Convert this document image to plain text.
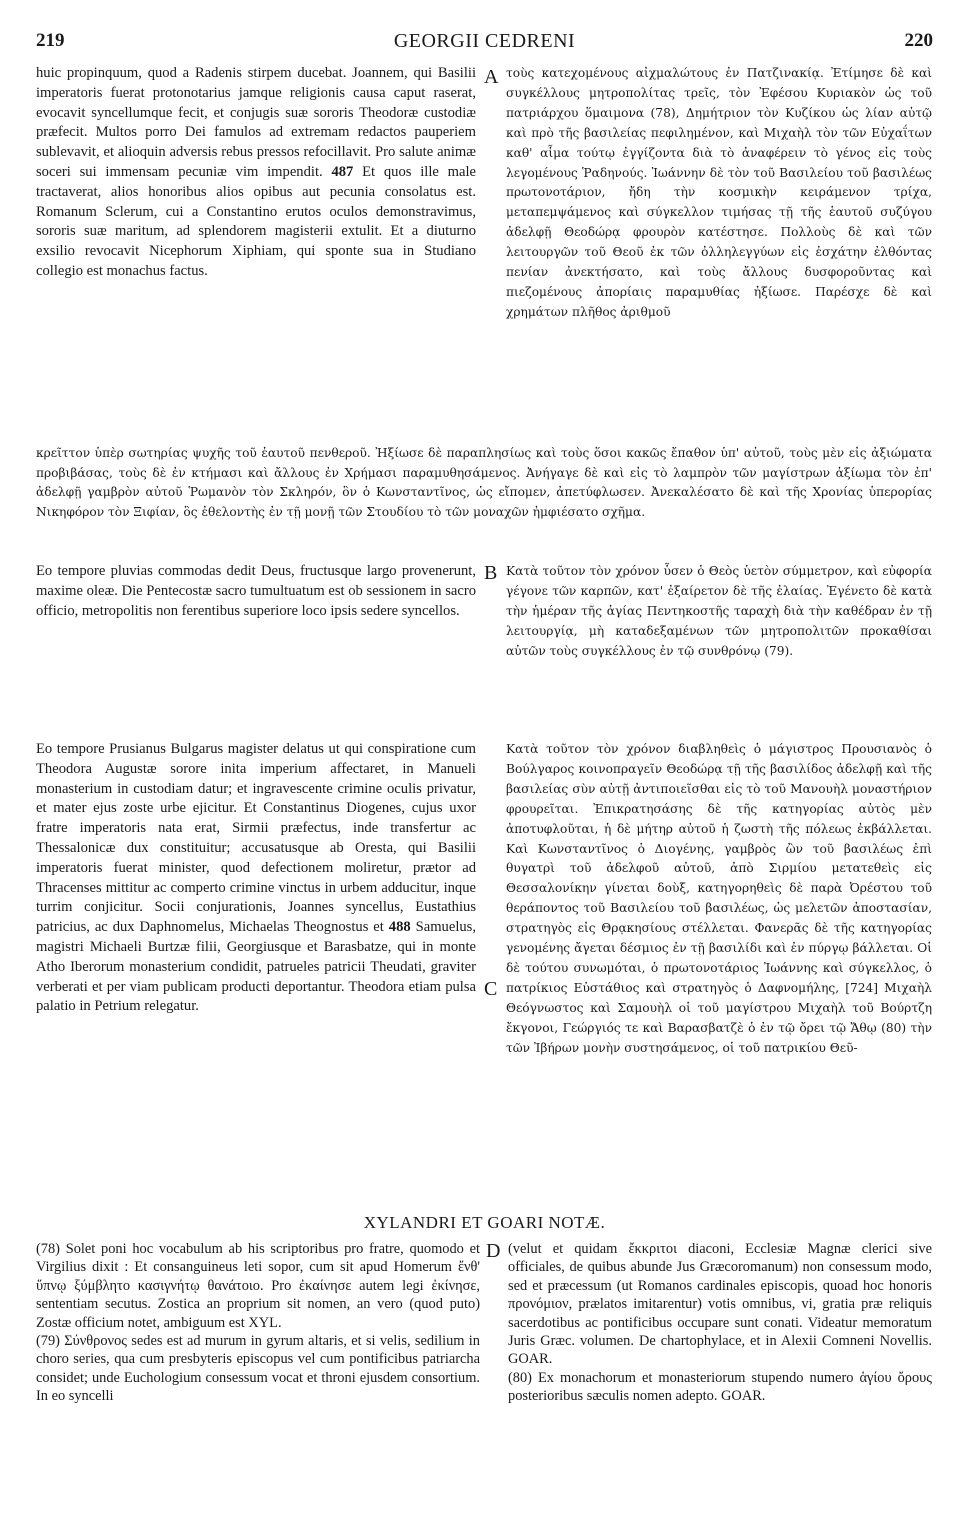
219	GEORGII CEDRENI	220

huic propinquum, quod a Radenis stirpem ducebat. Joannem, qui Basilii imperatoris fuerat protonotarius jamque religionis causa caput raserat, evocavit syncellumque fecit, et conjugis suæ sororis Theodoræ custodiæ præfecit. Multos porro Dei famulos ad extremam redactos pauperiem sublevavit, et alioquin adversis rebus pressos refocillavit. Pro salute animæ soceri sui immensam pecuniæ vim impendit. 487 Et quos ille male tractaverat, alios honoribus alios opibus aut pecunia consolatus est. Romanum Sclerum, cui a Constantino erutos oculos demonstravimus, sororis suæ maritum, ad splendorem magisterii extulit. Et a diuturno exsilio revocavit Nicephorum Xiphiam, qui sponte sua in Studiano collegio est monachus factus.

A τοὺς κατεχομένους αἰχμαλώτους ἐν Πατζινακίᾳ. Ἐτίμησε δὲ καὶ συγκέλλους μητροπολίτας τρεῖς, τὸν Ἐφέσου Κυριακὸν ὡς τοῦ πατριάρχου ὅμαιμονα (78), Δημήτριον τὸν Κυζίκου ὡς λίαν αὐτῷ καὶ πρὸ τῆς βασιλείας πεφιλημένον, καὶ Μιχαὴλ τὸν τῶν Εὐχαΐτων καθ' αἷμα τούτῳ ἐγγίζοντα διὰ τὸ ἀναφέρειν τὸ γένος εἰς τοὺς λεγομένους Ῥαδηνούς. Ἰωάννην δὲ τὸν τοῦ Βασιλείου τοῦ βασιλέως πρωτονοτάριον, ἤδη τὴν κοσμικὴν κειράμενον τρίχα, μεταπεμψάμενος καὶ σύγκελλον τιμήσας τῇ τῆς ἑαυτοῦ συζύγου ἀδελφῇ Θεοδώρᾳ φρουρὸν κατέστησε. Πολλοὺς δὲ καὶ τῶν λειτουργῶν τοῦ Θεοῦ ἐκ τῶν ὀλληλεγγύων εἰς ἐσχάτην ἐλθόντας πενίαν ἀνεκτήσατο, καὶ τοὺς ἄλλους δυσφοροῦντας καὶ πιεζομένους ἀπορίαις παραμυθίας ἠξίωσε. Παρέσχε δὲ καὶ χρημάτων πλῆθος ἀριθμοῦ

κρεῖττον ὑπὲρ σωτηρίας ψυχῆς τοῦ ἑαυτοῦ πενθεροῦ. Ἠξίωσε δὲ παραπλησίως καὶ τοὺς ὅσοι κακῶς ἔπαθον ὑπ' αὐτοῦ, τοὺς μὲν εἰς ἀξιώματα προβιβάσας, τοὺς δὲ ἐν κτήμασι καὶ ἄλλους ἐν Χρήμασι παραμυθησάμενος. Ἀνήγαγε δὲ καὶ εἰς τὸ λαμπρὸν τῶν μαγίστρων ἀξίωμα τὸν ἐπ' ἀδελφῇ γαμβρὸν αὐτοῦ Ῥωμανὸν τὸν Σκληρόν, ὃν ὁ Κωνσταντῖνος, ὡς εἴπομεν, ἀπετύφλωσεν. Ἀνεκαλέσατο δὲ καὶ τῆς Χρονίας ὑπερορίας Νικηφόρον τὸν Ξιφίαν, ὃς ἐθελοντὴς ἐν τῇ μονῇ τῶν Στουδίου τὸ τῶν μοναχῶν ἠμφιέσατο σχῆμα.

Eo tempore pluvias commodas dedit Deus, fructusque largo provenerunt, maxime oleæ. Die Pentecostæ sacro tumultuatum est ob sessionem in sacro officio, metropolitis non ferentibus superiore loco ipsis sedere syncellos.

B Κατὰ τοῦτον τὸν χρόνον ὗσεν ὁ Θεὸς ὑετὸν σύμμετρον, καὶ εὐφορία γέγονε τῶν καρπῶν, κατ' ἐξαίρετον δὲ τῆς ἐλαίας. Ἐγένετο δὲ κατὰ τὴν ἡμέραν τῆς ἁγίας Πεντηκοστῆς ταραχὴ διὰ τὴν καθέδραν ἐν τῇ λειτουργίᾳ, μὴ καταδεξαμένων τῶν μητροπολιτῶν προκαθίσαι αὐτῶν τοὺς συγκέλλους ἐν τῷ συνθρόνῳ (79).

Eo tempore Prusianus Bulgarus magister delatus ut qui conspiratione cum Theodora Augustæ sorore inita imperium affectaret, in Manueli monasterium in custodiam datur; et ingravescente crimine oculis privatur, et mater ejus zoste urbe ejicitur. Et Constantinus Diogenes, cujus uxor fratre imperatoris nata erat, Sirmii præfectus, inde transfertur ac Thessalonicæ dux constituitur; accusatusque ab Oresta, qui Basilii imperatoris fuerat minister, quod defectionem moliretur, prætor ad Thracenses mittitur ac comperto crimine vinctus in urbem adducitur, inque turrim conjicitur. Socii conjurationis, Joannes syncellus, Eustathius patricius, ac dux Daphnomelus, Michaelas Theognostus et 488 Samuelus, magistri Michaeli Burtzæ filii, Georgiusque et Barasbatze, qui in monte Atho Iberorum monasterium condidit, patrueles patricii Theudati, graviter verberati et per viam publicam producti deportantur. Theodora etiam pulsa palatio in Petrium relegatur.

C

Κατὰ τοῦτον τὸν χρόνον διαβληθεὶς ὁ μάγιστρος Προυσιανὸς ὁ Βούλγαρος κοινοπραγεῖν Θεοδώρᾳ τῇ τῆς βασιλίδος ἀδελφῇ καὶ τῆς βασιλείας σὺν αὐτῇ ἀντιποιεῖσθαι εἰς τὸ τοῦ Μανουὴλ μοναστήριον φρουρεῖται. Ἐπικρατησάσης δὲ τῆς κατηγορίας αὐτὸς μὲν ἀποτυφλοῦται, ἡ δὲ μήτηρ αὐτοῦ ἡ ζωστὴ τῆς πόλεως ἐκβάλλεται. Καὶ Κωνσταντῖνος ὁ Διογένης, γαμβρὸς ὢν τοῦ βασιλέως ἐπὶ θυγατρὶ τοῦ ἀδελφοῦ αὐτοῦ, ἀπὸ Σιρμίου μετατεθεὶς εἰς Θεσσαλονίκην γίνεται δοὺξ, κατηγορηθεὶς δὲ παρὰ Ὀρέστου τοῦ θεράποντος τοῦ Βασιλείου τοῦ βασιλέως, ὡς μελετῶν ἀποστασίαν, στρατηγὸς εἰς Θρᾳκησίους στέλλεται. Φανερᾶς δὲ τῆς κατηγορίας γενομένης ἄγεται δέσμιος ἐν τῇ βασιλίδι καὶ ἐν πύργῳ βάλλεται. Οἱ δὲ τούτου συνωμόται, ὁ πρωτονοτάριος Ἰωάννης καὶ σύγκελλος, ὁ πατρίκιος Εὐστάθιος καὶ στρατηγὸς ὁ Δαφνομήλης, [724] Μιχαὴλ Θεόγνωστος καὶ Σαμουὴλ οἱ τοῦ μαγίστρου Μιχαὴλ τοῦ Βούρτζη ἔκγονοι, Γεώργιός τε καὶ Βαρασβατζὲ ὁ ἐν τῷ ὄρει τῷ Ἄθῳ (80) τὴν τῶν Ἰβήρων μονὴν συστησάμενος, οἱ τοῦ πατρικίου Θεῦ-

XYLANDRI ET GOARI NOTÆ.

(78) Solet poni hoc vocabulum ab his scriptoribus pro fratre, quomodo et Virgilius dixit : Et consanguineus leti sopor, cum sit apud Homerum ἔνθ' ὕπνῳ ξύμβλητο κασιγνήτῳ θανάτοιο. Pro ἐκαίνησε autem legi ἐκίνησε, sententiam secutus. Zostica an proprium sit nomen, an vero (quod puto) Zostæ officium notet, ambiguum est XYL.

(79) Σύνθρονος sedes est ad murum in gyrum altaris, et si velis, sedilium in choro series, qua cum presbyteris episcopus vel cum pontificibus patriarcha considet; unde Euchologium consessum vocat et throni ejusdem consortium. In eo syncelli

D (velut et quidam ἔκκριτοι diaconi, Ecclesiæ Magnæ clerici sive officiales, de quibus abunde Jus Græcoromanum) non consessum modo, sed et præcessum (ut Romanos cardinales episcopis, quoad hoc honoris προνόμιον, prælatos imitarentur) votis omnibus, vi, gratia præ reliquis sacerdotibus ac pontificibus occupare sunt conati. Videatur memoratum Juris Græc. volumen. De chartophylace, et in Alexii Comneni Novellis. GOAR.

(80) Ex monachorum et monasteriorum stupendo numero ἁγίου ὄρους posterioribus sæculis nomen adepto. GOAR.
